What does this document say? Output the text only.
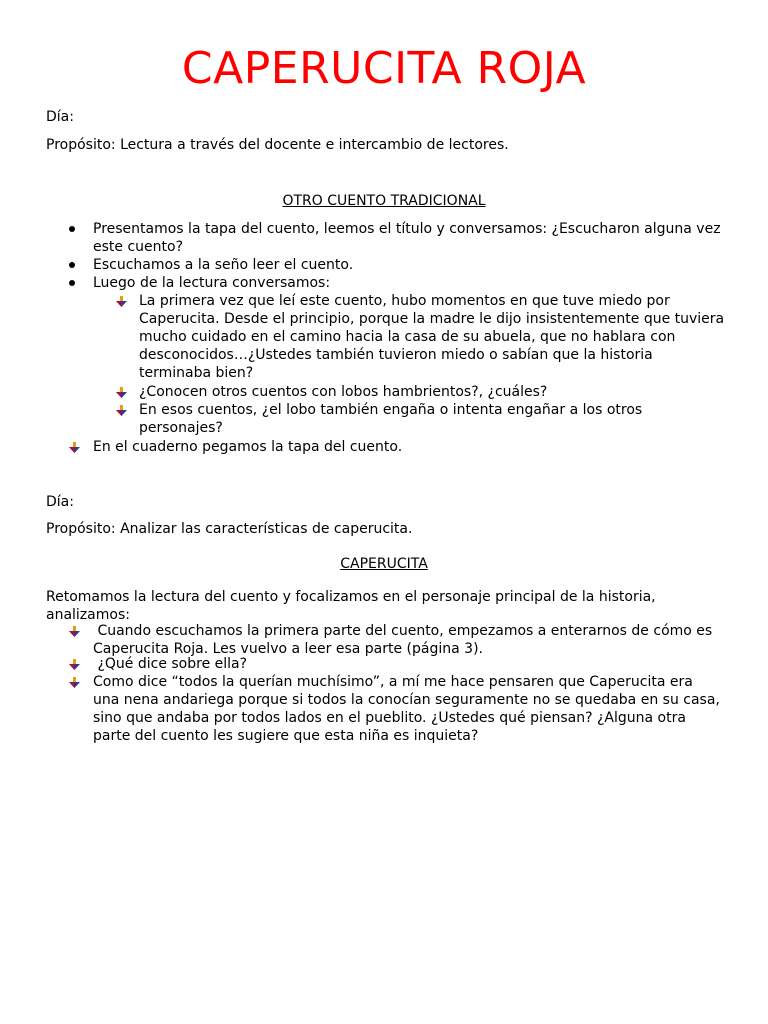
CAPERUCITA ROJA
Día:
Propósito: Lectura a través del docente e intercambio de lectores.
OTRO CUENTO TRADICIONAL
Presentamos la tapa del cuento, leemos el título y conversamos: ¿Escucharon alguna vez este cuento?
Escuchamos a la seño leer el cuento.
Luego de la lectura conversamos:
La primera vez que leí este cuento, hubo momentos en que tuve miedo por Caperucita. Desde el principio, porque la madre le dijo insistentemente que tuviera mucho cuidado en el camino hacia la casa de su abuela, que no hablara con desconocidos…¿Ustedes también tuvieron miedo o sabían que la historia terminaba bien?
¿Conocen otros cuentos con lobos hambrientos?, ¿cuáles?
En esos cuentos, ¿el lobo también engaña o intenta engañar a los otros personajes?
En el cuaderno pegamos la tapa del cuento.
Día:
Propósito: Analizar las características de caperucita.
CAPERUCITA
Retomamos la lectura del cuento y focalizamos en el personaje principal de la historia, analizamos:
Cuando escuchamos la primera parte del cuento, empezamos a enterarnos de cómo es Caperucita Roja. Les vuelvo a leer esa parte (página 3).
¿Qué dice sobre ella?
Como dice “todos la querían muchísimo”, a mí me hace pensaren que Caperucita era una nena andariega porque si todos la conocían seguramente no se quedaba en su casa, sino que andaba por todos lados en el pueblito. ¿Ustedes qué piensan? ¿Alguna otra parte del cuento les sugiere que esta niña es inquieta?
